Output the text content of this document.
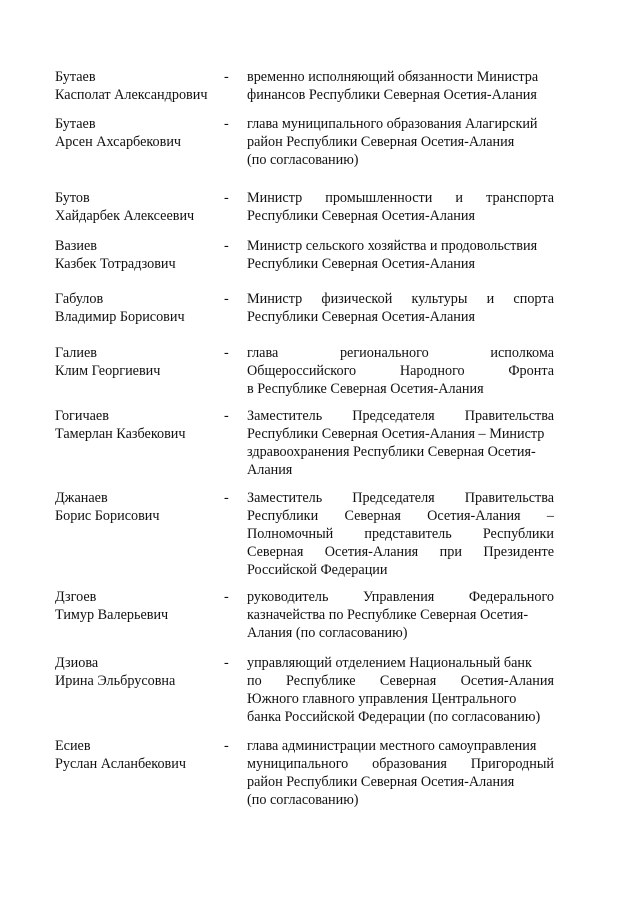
Бутаев
Касполат Александрович
- временно исполняющий обязанности Министра
финансов Республики Северная Осетия-Алания
Бутаев
Арсен Ахсарбекович
- глава муниципального образования Алагирский
район Республики Северная Осетия-Алания
(по согласованию)
Бутов
Хайдарбек Алексеевич
- Министр промышленности и транспорта
Республики Северная Осетия-Алания
Вазиев
Казбек Тотрадзович
- Министр сельского хозяйства и продовольствия
Республики Северная Осетия-Алания
Габулов
Владимир Борисович
- Министр физической культуры и спорта
Республики Северная Осетия-Алания
Галиев
Клим Георгиевич
- глава регионального исполкома
Общероссийского Народного Фронта
в Республике Северная Осетия-Алания
Гогичаев
Тамерлан Казбекович
- Заместитель Председателя Правительства
Республики Северная Осетия-Алания – Министр
здравоохранения Республики Северная Осетия-
Алания
Джанаев
Борис Борисович
- Заместитель Председателя Правительства
Республики Северная Осетия-Алания –
Полномочный представитель Республики
Северная Осетия-Алания при Президенте
Российской Федерации
Дзгоев
Тимур Валерьевич
- руководитель Управления Федерального
казначейства по Республике Северная Осетия-
Алания (по согласованию)
Дзиова
Ирина Эльбрусовна
- управляющий отделением Национальный банк
по Республике Северная Осетия-Алания
Южного главного управления Центрального
банка Российской Федерации (по согласованию)
Есиев
Руслан Асланбекович
- глава администрации местного самоуправления
муниципального образования Пригородный
район Республики Северная Осетия-Алания
(по согласованию)
